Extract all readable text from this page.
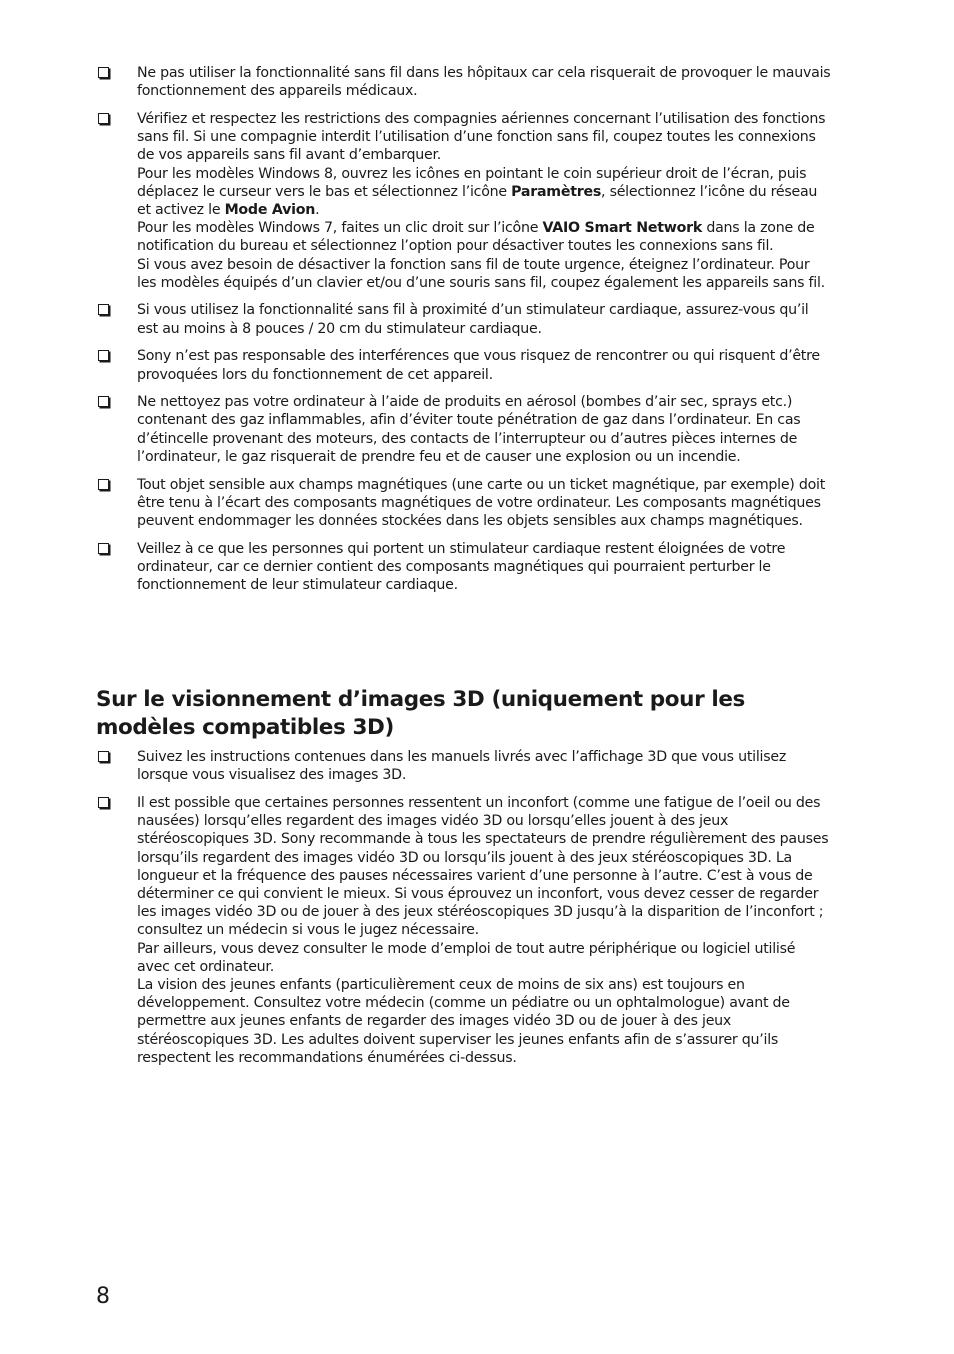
Ne pas utiliser la fonctionnalité sans fil dans les hôpitaux car cela risquerait de provoquer le mauvais fonctionnement des appareils médicaux.

Vérifiez et respectez les restrictions des compagnies aériennes concernant l’utilisation des fonctions sans fil. Si une compagnie interdit l’utilisation d’une fonction sans fil, coupez toutes les connexions de vos appareils sans fil avant d’embarquer.

Pour les modèles Windows 8, ouvrez les icônes en pointant le coin supérieur droit de l’écran, puis déplacez le curseur vers le bas et sélectionnez l’icône Paramètres, sélectionnez l’icône du réseau et activez le Mode Avion.

Pour les modèles Windows 7, faites un clic droit sur l’icône VAIO Smart Network dans la zone de notification du bureau et sélectionnez l’option pour désactiver toutes les connexions sans fil.

Si vous avez besoin de désactiver la fonction sans fil de toute urgence, éteignez l’ordinateur. Pour les modèles équipés d’un clavier et/ou d’une souris sans fil, coupez également les appareils sans fil.

Si vous utilisez la fonctionnalité sans fil à proximité d’un stimulateur cardiaque, assurez-vous qu’il est au moins à 8 pouces / 20 cm du stimulateur cardiaque.

Sony n’est pas responsable des interférences que vous risquez de rencontrer ou qui risquent d’être provoquées lors du fonctionnement de cet appareil.

Ne nettoyez pas votre ordinateur à l’aide de produits en aérosol (bombes d’air sec, sprays etc.) contenant des gaz inflammables, afin d’éviter toute pénétration de gaz dans l’ordinateur. En cas d’étincelle provenant des moteurs, des contacts de l’interrupteur ou d’autres pièces internes de l’ordinateur, le gaz risquerait de prendre feu et de causer une explosion ou un incendie.

Tout objet sensible aux champs magnétiques (une carte ou un ticket magnétique, par exemple) doit être tenu à l’écart des composants magnétiques de votre ordinateur. Les composants magnétiques peuvent endommager les données stockées dans les objets sensibles aux champs magnétiques.

Veillez à ce que les personnes qui portent un stimulateur cardiaque restent éloignées de votre ordinateur, car ce dernier contient des composants magnétiques qui pourraient perturber le fonctionnement de leur stimulateur cardiaque.

Sur le visionnement d’images 3D (uniquement pour les modèles compatibles 3D)

Suivez les instructions contenues dans les manuels livrés avec l’affichage 3D que vous utilisez lorsque vous visualisez des images 3D.

Il est possible que certaines personnes ressentent un inconfort (comme une fatigue de l’oeil ou des nausées) lorsqu’elles regardent des images vidéo 3D ou lorsqu’elles jouent à des jeux stéréoscopiques 3D. Sony recommande à tous les spectateurs de prendre régulièrement des pauses lorsqu’ils regardent des images vidéo 3D ou lorsqu’ils jouent à des jeux stéréoscopiques 3D. La longueur et la fréquence des pauses nécessaires varient d’une personne à l’autre. C’est à vous de déterminer ce qui convient le mieux. Si vous éprouvez un inconfort, vous devez cesser de regarder les images vidéo 3D ou de jouer à des jeux stéréoscopiques 3D jusqu’à la disparition de l’inconfort ; consultez un médecin si vous le jugez nécessaire.

Par ailleurs, vous devez consulter le mode d’emploi de tout autre périphérique ou logiciel utilisé avec cet ordinateur.

La vision des jeunes enfants (particulièrement ceux de moins de six ans) est toujours en développement. Consultez votre médecin (comme un pédiatre ou un ophtalmologue) avant de permettre aux jeunes enfants de regarder des images vidéo 3D ou de jouer à des jeux stéréoscopiques 3D. Les adultes doivent superviser les jeunes enfants afin de s’assurer qu’ils respectent les recommandations énumérées ci-dessus.

8
